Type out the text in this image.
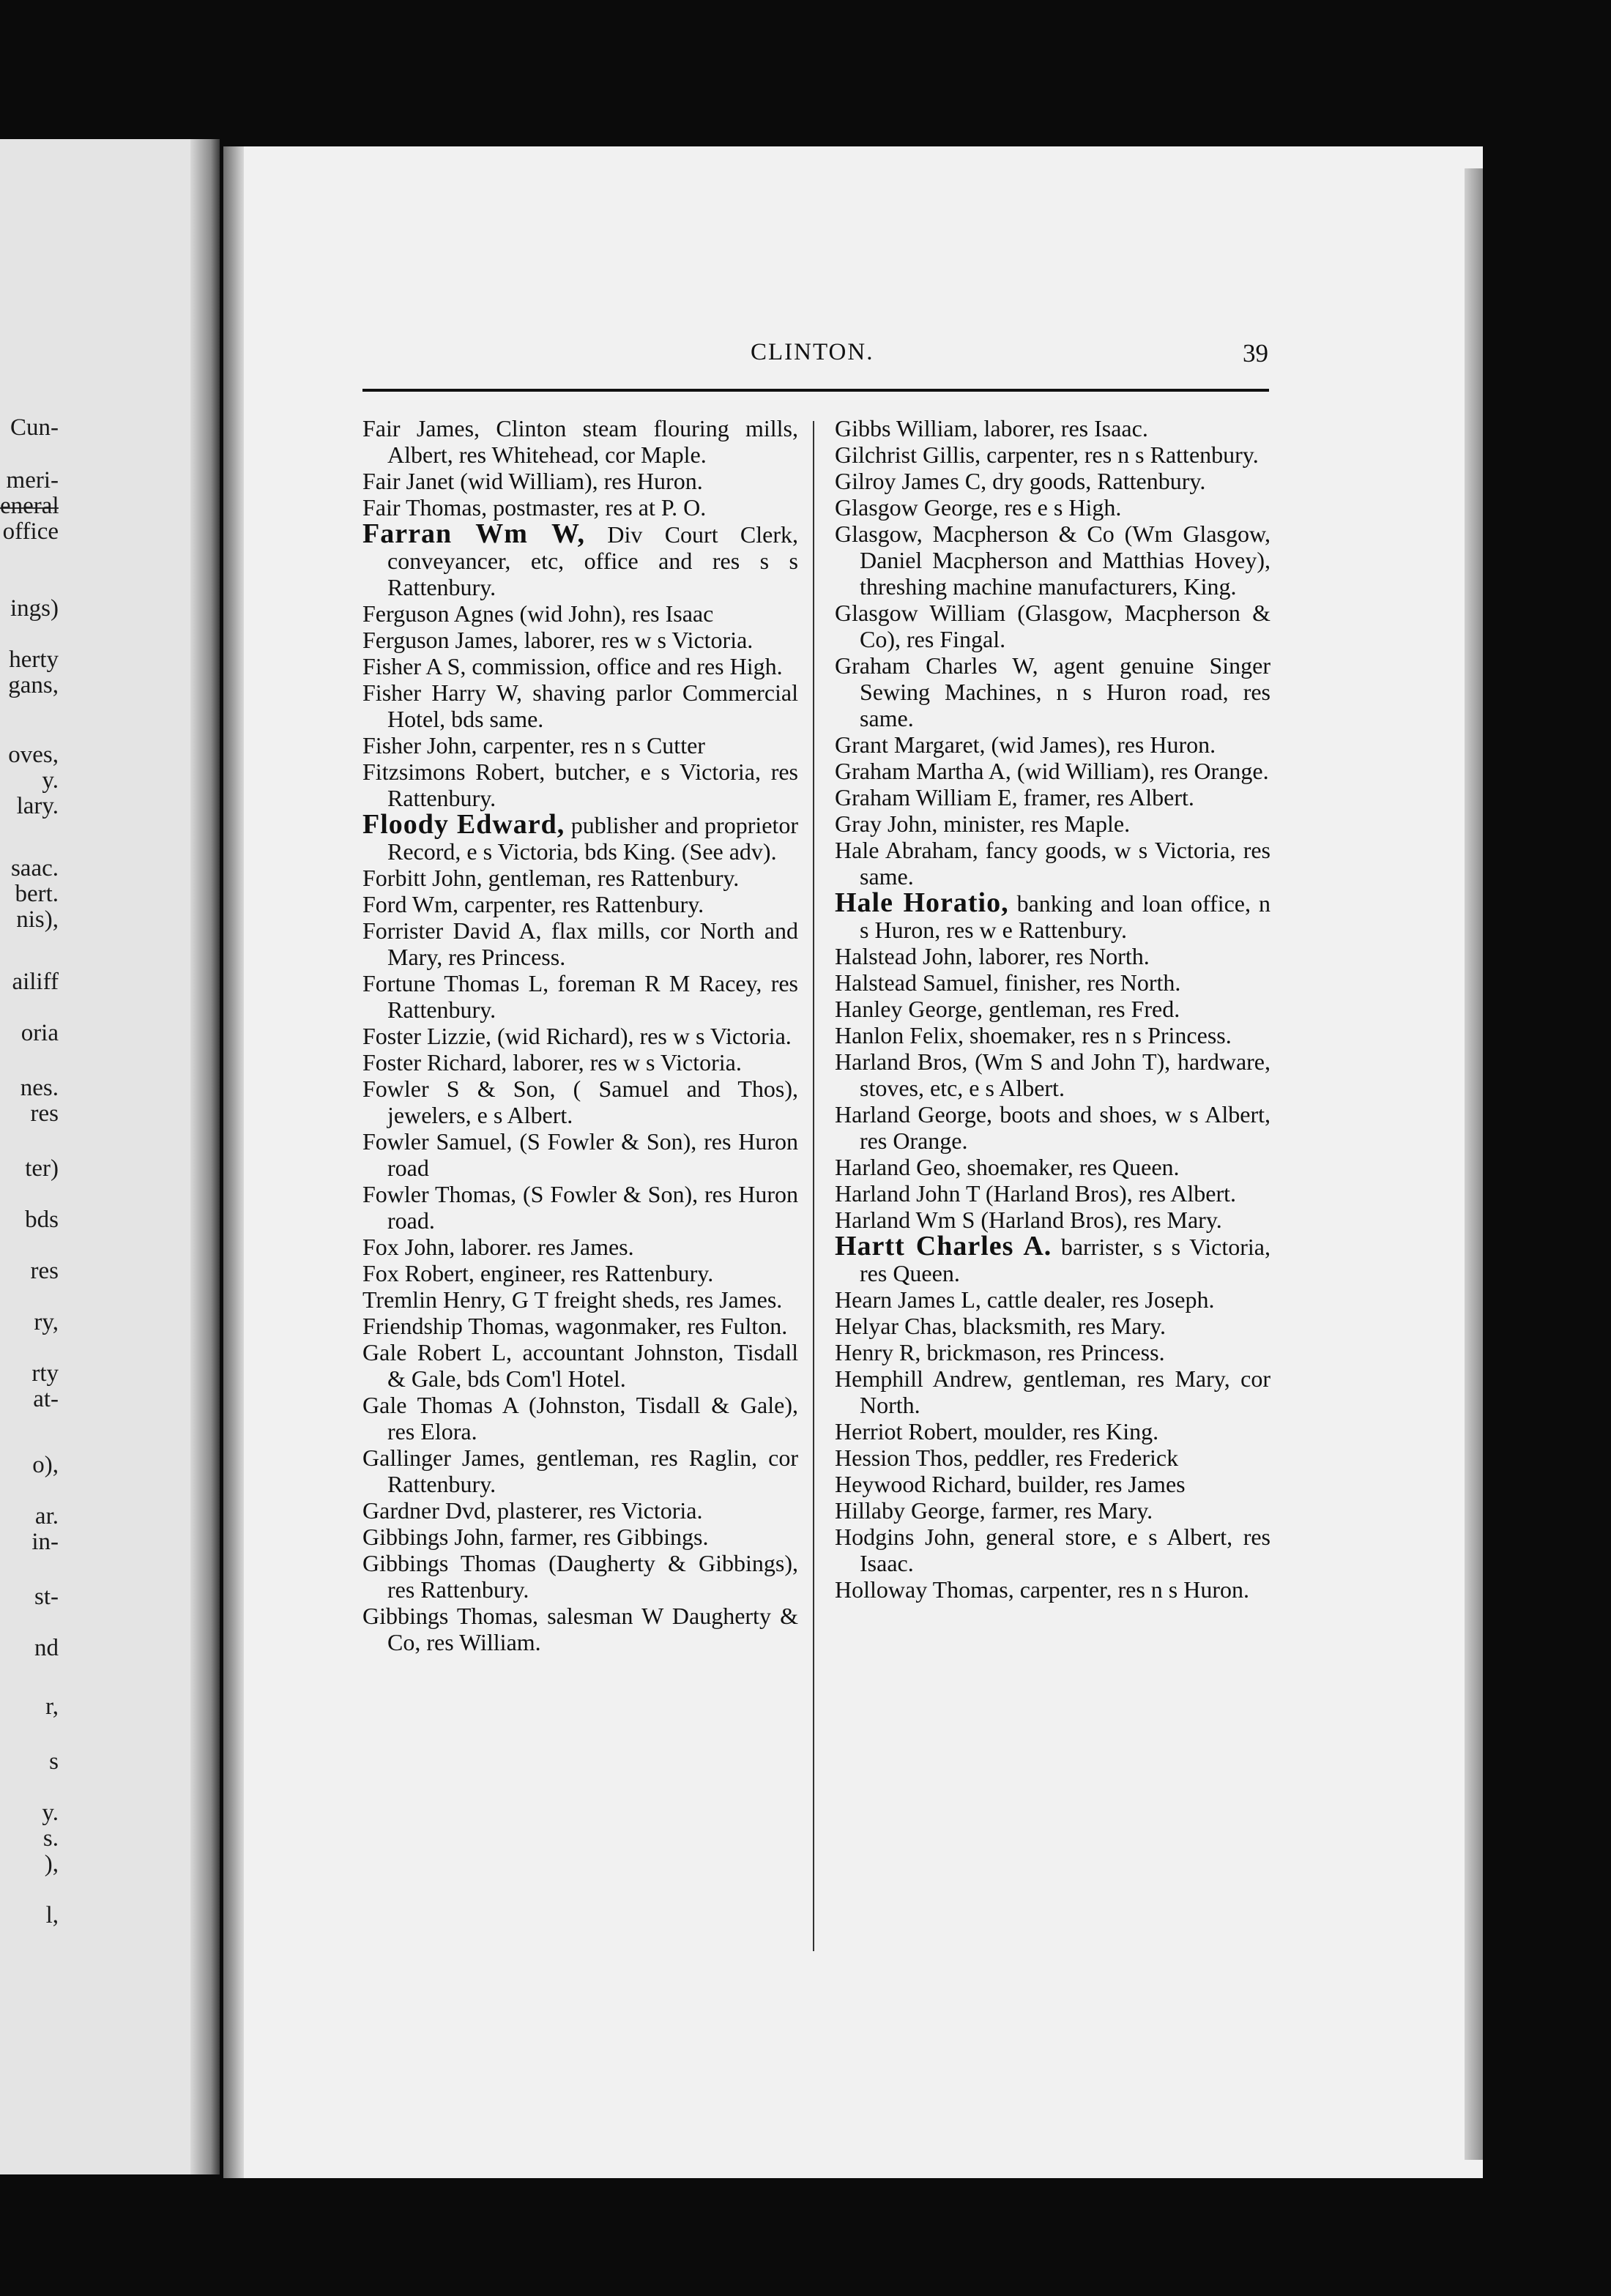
Cun-
meri-
eneral
office
ings)
herty
gans,
oves,
y.
lary.
saac.
bert.
nis),
ailiff
oria
nes.
res
ter)
bds
res
ry,
rty
at-
o),
ar.
in-
st-
nd
r,
s
y.
s.
),
l,
CLINTON.	39
Fair James, Clinton steam flouring mills, Albert, res Whitehead, cor Maple.
Fair Janet (wid William), res Huron.
Fair Thomas, postmaster, res at P. O.
Farran Wm W, Div Court Clerk, conveyancer, etc, office and res s s Rattenbury.
Ferguson Agnes (wid John), res Isaac
Ferguson James, laborer, res w s Victoria.
Fisher A S, commission, office and res High.
Fisher Harry W, shaving parlor Commercial Hotel, bds same.
Fisher John, carpenter, res n s Cutter
Fitzsimons Robert, butcher, e s Victoria, res Rattenbury.
Floody Edward, publisher and proprietor Record, e s Victoria, bds King. (See adv).
Forbitt John, gentleman, res Rattenbury.
Ford Wm, carpenter, res Rattenbury.
Forrister David A, flax mills, cor North and Mary, res Princess.
Fortune Thomas L, foreman R M Racey, res Rattenbury.
Foster Lizzie, (wid Richard), res w s Victoria.
Foster Richard, laborer, res w s Victoria.
Fowler S & Son, ( Samuel and Thos), jewelers, e s Albert.
Fowler Samuel, (S Fowler & Son), res Huron road
Fowler Thomas, (S Fowler & Son), res Huron road.
Fox John, laborer. res James.
Fox Robert, engineer, res Rattenbury.
Tremlin Henry, G T freight sheds, res James.
Friendship Thomas, wagonmaker, res Fulton.
Gale Robert L, accountant Johnston, Tisdall & Gale, bds Com'l Hotel.
Gale Thomas A (Johnston, Tisdall & Gale), res Elora.
Gallinger James, gentleman, res Raglin, cor Rattenbury.
Gardner Dvd, plasterer, res Victoria.
Gibbings John, farmer, res Gibbings.
Gibbings Thomas (Daugherty & Gibbings), res Rattenbury.
Gibbings Thomas, salesman W Daugherty & Co, res William.
Gibbs William, laborer, res Isaac.
Gilchrist Gillis, carpenter, res n s Rattenbury.
Gilroy James C, dry goods, Rattenbury.
Glasgow George, res e s High.
Glasgow, Macpherson & Co (Wm Glasgow, Daniel Macpherson and Matthias Hovey), threshing machine manufacturers, King.
Glasgow William (Glasgow, Macpherson & Co), res Fingal.
Graham Charles W, agent genuine Singer Sewing Machines, n s Huron road, res same.
Grant Margaret, (wid James), res Huron.
Graham Martha A, (wid William), res Orange.
Graham William E, framer, res Albert.
Gray John, minister, res Maple.
Hale Abraham, fancy goods, w s Victoria, res same.
Hale Horatio, banking and loan office, n s Huron, res w e Rattenbury.
Halstead John, laborer, res North.
Halstead Samuel, finisher, res North.
Hanley George, gentleman, res Fred.
Hanlon Felix, shoemaker, res n s Princess.
Harland Bros, (Wm S and John T), hardware, stoves, etc, e s Albert.
Harland George, boots and shoes, w s Albert, res Orange.
Harland Geo, shoemaker, res Queen.
Harland John T (Harland Bros), res Albert.
Harland Wm S (Harland Bros), res Mary.
Hartt Charles A. barrister, s s Victoria, res Queen.
Hearn James L, cattle dealer, res Joseph.
Helyar Chas, blacksmith, res Mary.
Henry R, brickmason, res Princess.
Hemphill Andrew, gentleman, res Mary, cor North.
Herriot Robert, moulder, res King.
Hession Thos, peddler, res Frederick
Heywood Richard, builder, res James
Hillaby George, farmer, res Mary.
Hodgins John, general store, e s Albert, res Isaac.
Holloway Thomas, carpenter, res n s Huron.
